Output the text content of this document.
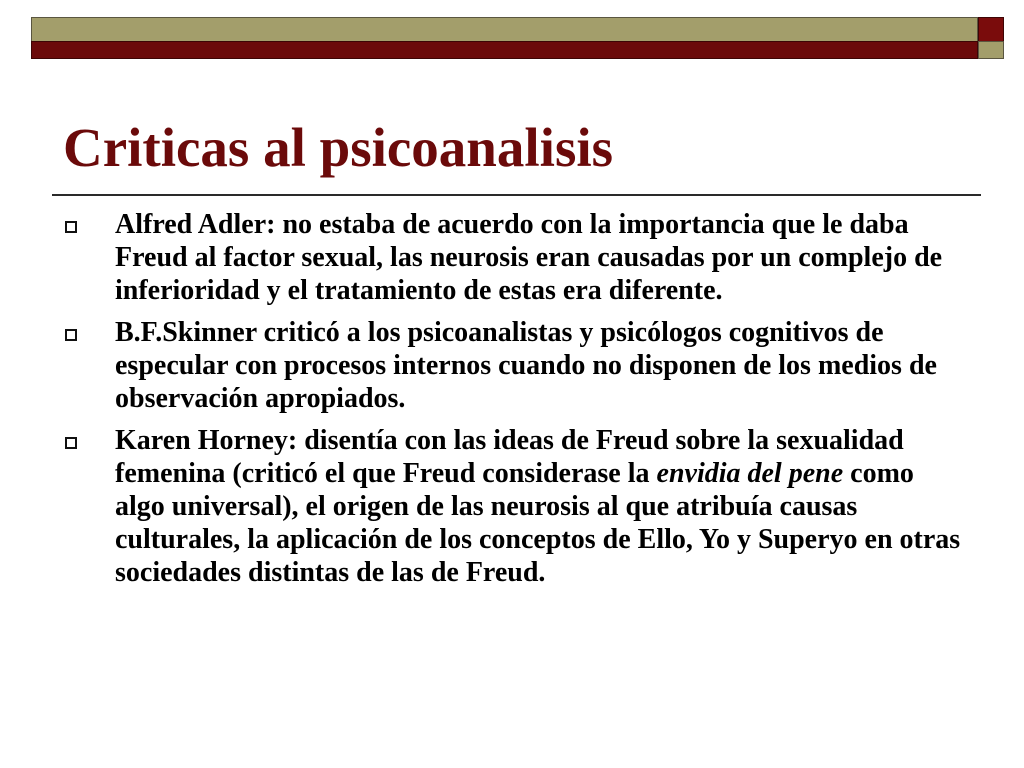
Criticas al psicoanalisis
Alfred Adler: no estaba de acuerdo con la importancia que le daba Freud al factor sexual, las neurosis eran causadas por un complejo de inferioridad y el tratamiento de estas era diferente.
B.F.Skinner criticó a los psicoanalistas y psicólogos cognitivos de especular con procesos internos cuando no disponen de los medios de observación apropiados.
Karen Horney: disentía con las ideas de Freud sobre la sexualidad femenina (criticó el que Freud considerase la envidia del pene como algo universal), el origen de las neurosis al que atribuía causas culturales, la aplicación de los conceptos de Ello, Yo y Superyo en otras sociedades distintas de las de Freud.
